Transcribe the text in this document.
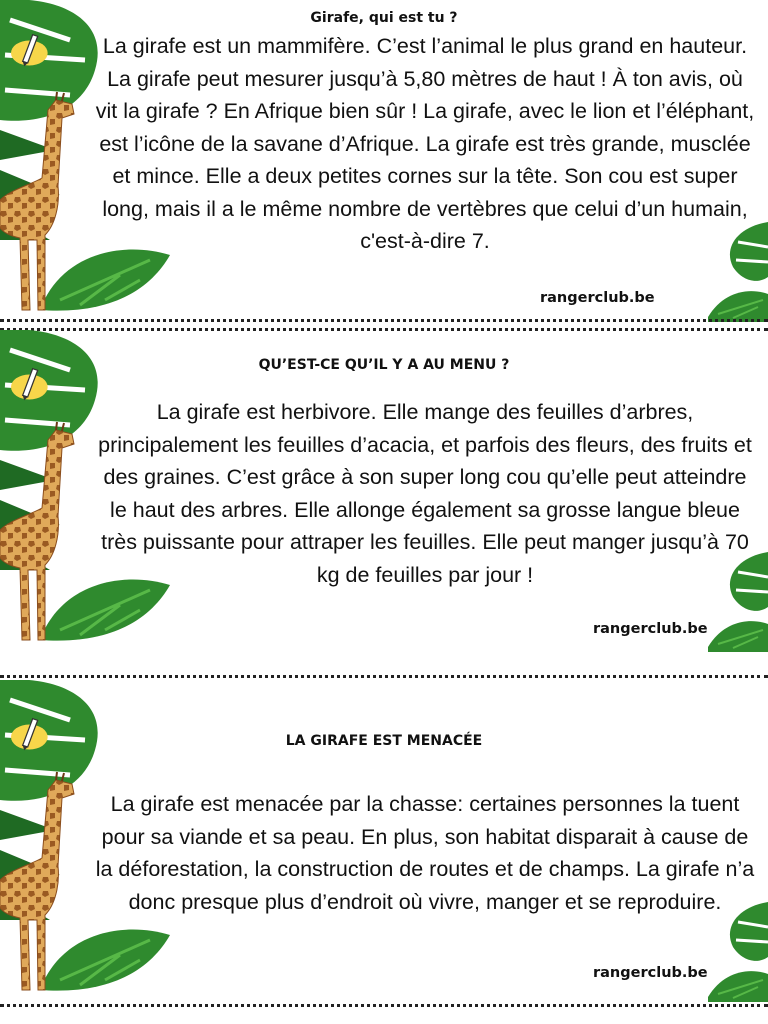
Girafe, qui est tu ?
La girafe est un mammifère. C’est l’animal le plus grand en hauteur. La girafe peut mesurer jusqu’à 5,80 mètres de haut ! À ton avis, où vit la girafe ? En Afrique bien sûr ! La girafe, avec le lion et l’éléphant, est l’icône de la savane d’Afrique. La girafe est très grande, musclée et mince. Elle a deux petites cornes sur la tête. Son cou est super long, mais il a le même nombre de vertèbres que celui d’un humain, c'est-à-dire 7.
rangerclub.be
QU’EST-CE QU’IL Y A AU MENU ?
La girafe est herbivore. Elle mange des feuilles d’arbres, principalement les feuilles d’acacia, et parfois des fleurs, des fruits et des graines. C’est grâce à son super long cou qu’elle peut atteindre le haut des arbres. Elle allonge également sa grosse langue bleue très puissante pour attraper les feuilles. Elle peut manger jusqu’à 70 kg de feuilles par jour !
rangerclub.be
LA GIRAFE EST MENACÉE
La girafe est menacée par la chasse: certaines personnes la tuent pour sa viande et sa peau. En plus, son habitat disparait à cause de la déforestation, la construction de routes et de champs. La girafe n’a donc presque plus d’endroit où vivre, manger et se reproduire.
rangerclub.be
